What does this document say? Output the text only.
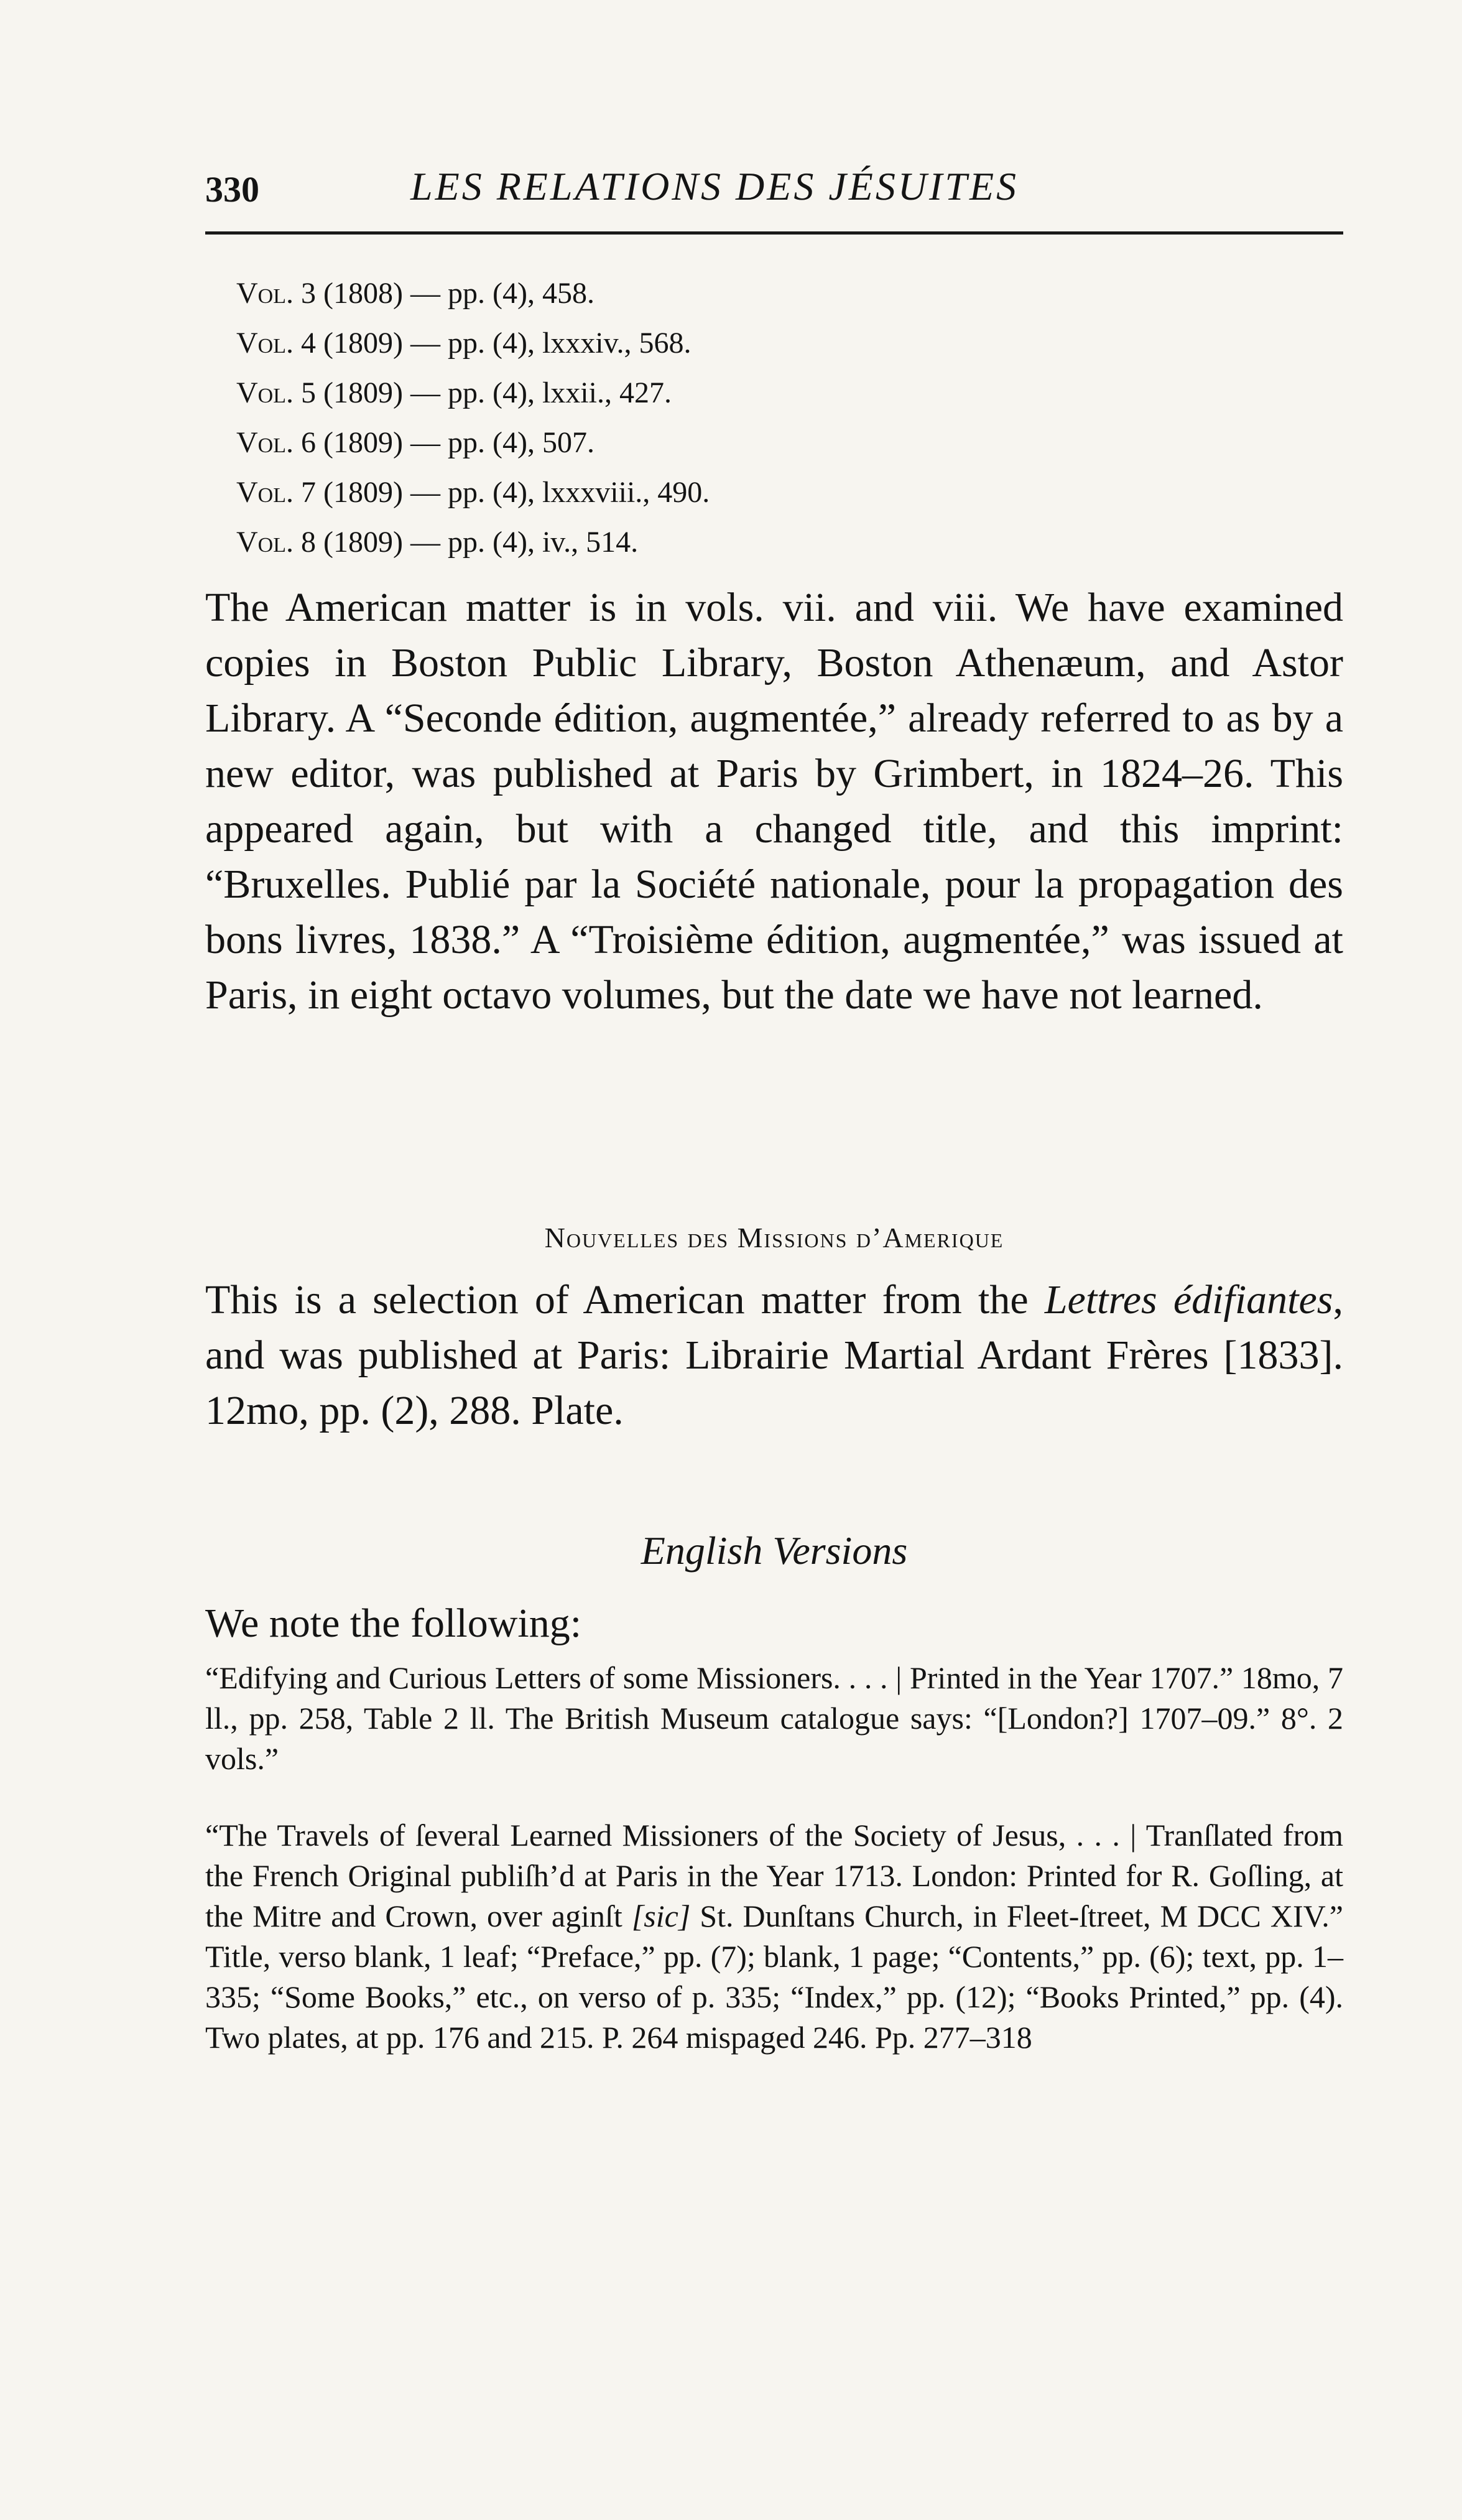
330	LES RELATIONS DES JÉSUITES
Vol. 3 (1808) — pp. (4), 458.
Vol. 4 (1809) — pp. (4), lxxxiv., 568.
Vol. 5 (1809) — pp. (4), lxxii., 427.
Vol. 6 (1809) — pp. (4), 507.
Vol. 7 (1809) — pp. (4), lxxxviii., 490.
Vol. 8 (1809) — pp. (4), iv., 514.

The American matter is in vols. vii. and viii. We have examined copies in Boston Public Library, Boston Athenæum, and Astor Library. A “Seconde édition, augmentée,” already referred to as by a new editor, was published at Paris by Grimbert, in 1824–26. This appeared again, but with a changed title, and this imprint: “Bruxelles. Publié par la Société nationale, pour la propagation des bons livres, 1838.” A “Troisième édition, augmentée,” was issued at Paris, in eight octavo volumes, but the date we have not learned.

Nouvelles des Missions d’Amerique

This is a selection of American matter from the Lettres édifiantes, and was published at Paris: Librairie Martial Ardant Frères [1833]. 12mo, pp. (2), 288. Plate.

English Versions

We note the following:

“Edifying and Curious Letters of some Missioners. . . . | Printed in the Year 1707.” 18mo, 7 ll., pp. 258, Table 2 ll. The British Museum catalogue says: “[London?] 1707–09.” 8°. 2 vols.”

“The Travels of ſeveral Learned Missioners of the Society of Jesus, . . . | Tranſlated from the French Original publiſh’d at Paris in the Year 1713. London: Printed for R. Goſling, at the Mitre and Crown, over aginſt [sic] St. Dunſtans Church, in Fleet-ſtreet, M DCC XIV.” Title, verso blank, 1 leaf; “Preface,” pp. (7); blank, 1 page; “Contents,” pp. (6); text, pp. 1–335; “Some Books,” etc., on verso of p. 335; “Index,” pp. (12); “Books Printed,” pp. (4). Two plates, at pp. 176 and 215. P. 264 mispaged 246. Pp. 277–318
